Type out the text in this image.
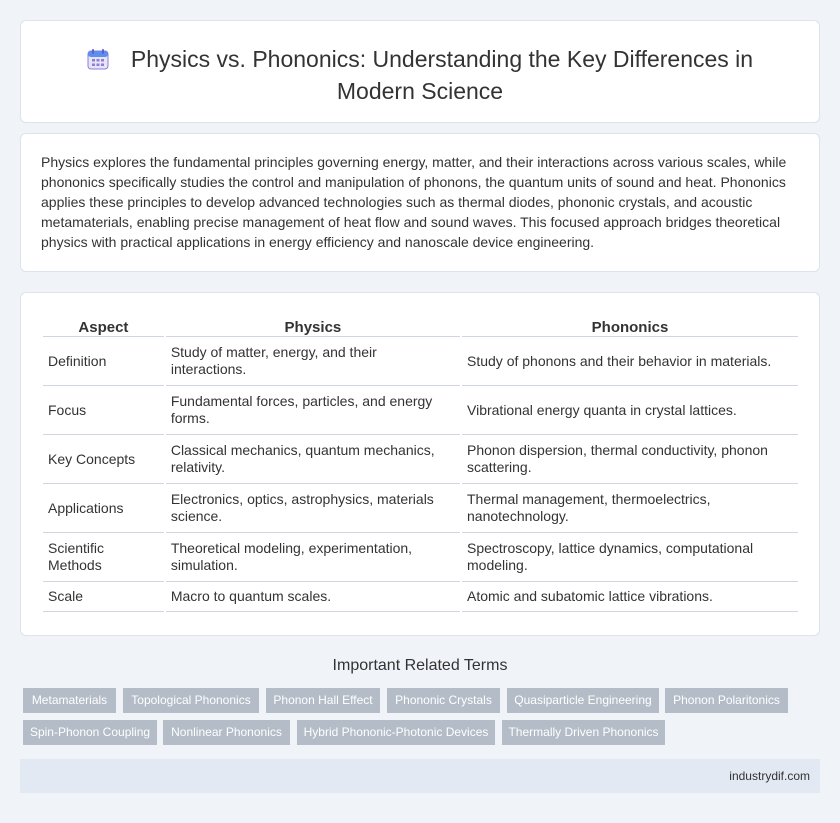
Physics vs. Phononics: Understanding the Key Differences in Modern Science

Physics explores the fundamental principles governing energy, matter, and their interactions across various scales, while phononics specifically studies the control and manipulation of phonons, the quantum units of sound and heat. Phononics applies these principles to develop advanced technologies such as thermal diodes, phononic crystals, and acoustic metamaterials, enabling precise management of heat flow and sound waves. This focused approach bridges theoretical physics with practical applications in energy efficiency and nanoscale device engineering.

Aspect	Physics	Phononics
Definition	Study of matter, energy, and their interactions.	Study of phonons and their behavior in materials.
Focus	Fundamental forces, particles, and energy forms.	Vibrational energy quanta in crystal lattices.
Key Concepts	Classical mechanics, quantum mechanics, relativity.	Phonon dispersion, thermal conductivity, phonon scattering.
Applications	Electronics, optics, astrophysics, materials science.	Thermal management, thermoelectrics, nanotechnology.
Scientific Methods	Theoretical modeling, experimentation, simulation.	Spectroscopy, lattice dynamics, computational modeling.
Scale	Macro to quantum scales.	Atomic and subatomic lattice vibrations.
Important Related Terms
Metamaterials	Topological Phononics	Phonon Hall Effect	Phononic Crystals	Quasiparticle Engineering	Phonon Polaritonics
Spin-Phonon Coupling	Nonlinear Phononics	Hybrid Phononic-Photonic Devices	Thermally Driven Phononics
industrydif.com
